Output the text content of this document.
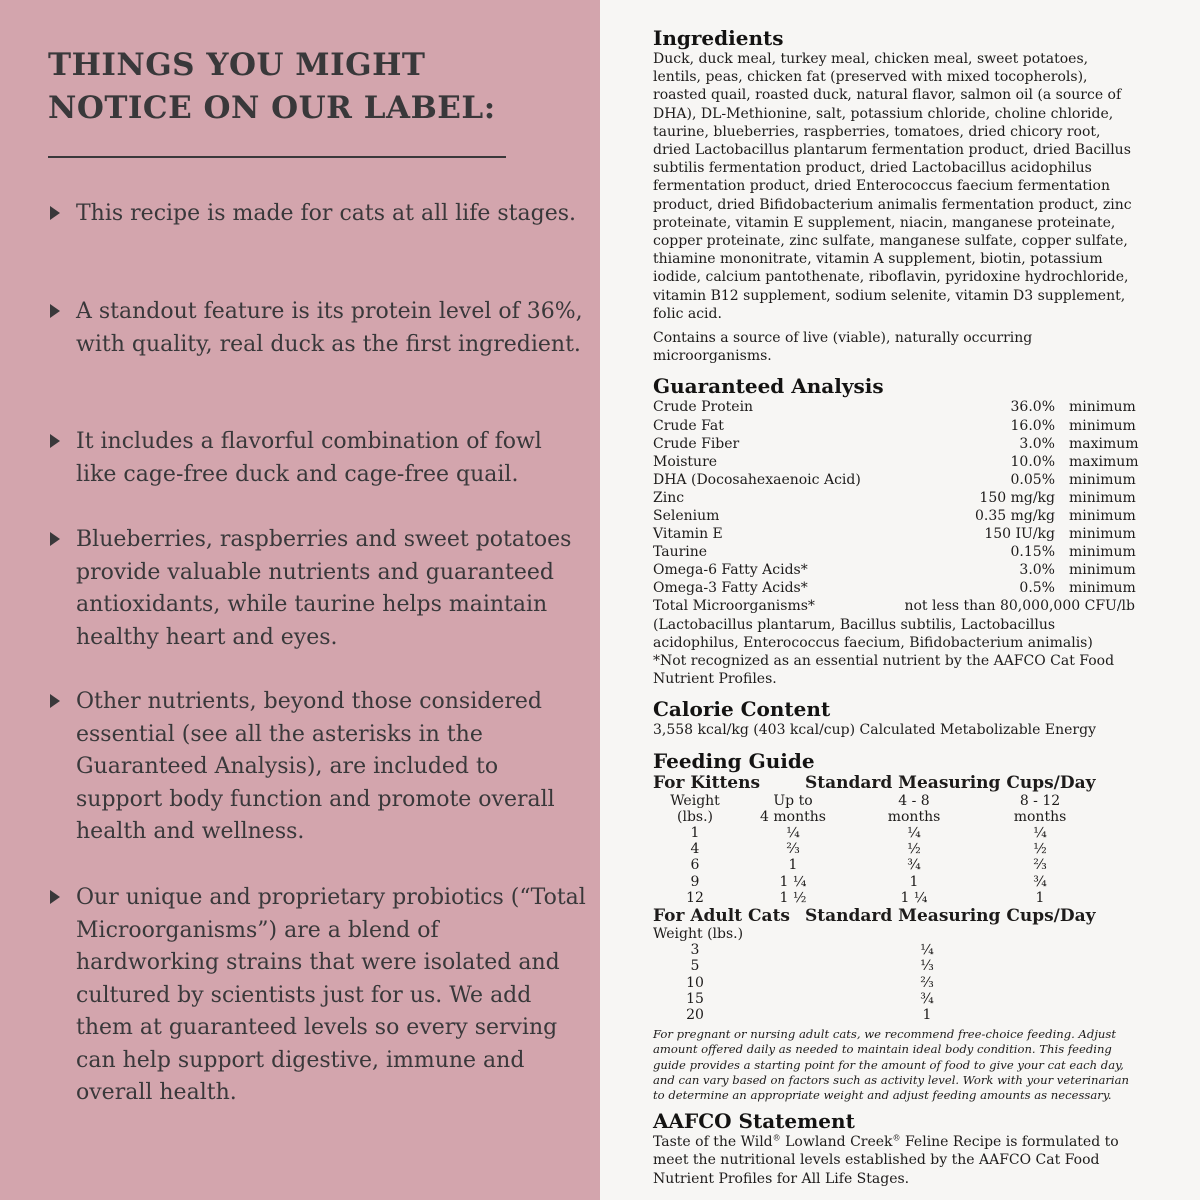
THINGS YOU MIGHT
NOTICE ON OUR LABEL:
This recipe is made for cats at all life stages.
A standout feature is its protein level of 36%, with quality, real duck as the first ingredient.
It includes a flavorful combination of fowl like cage-free duck and cage-free quail.
Blueberries, raspberries and sweet potatoes provide valuable nutrients and guaranteed antioxidants, while taurine helps maintain healthy heart and eyes.
Other nutrients, beyond those considered essential (see all the asterisks in the Guaranteed Analysis), are included to support body function and promote overall health and wellness.
Our unique and proprietary probiotics (“Total Microorganisms”) are a blend of hardworking strains that were isolated and cultured by scientists just for us. We add them at guaranteed levels so every serving can help support digestive, immune and overall health.
Ingredients

Duck, duck meal, turkey meal, chicken meal, sweet potatoes, lentils, peas, chicken fat (preserved with mixed tocopherols), roasted quail, roasted duck, natural flavor, salmon oil (a source of DHA), DL-Methionine, salt, potassium chloride, choline chloride, taurine, blueberries, raspberries, tomatoes, dried chicory root, dried Lactobacillus plantarum fermentation product, dried Bacillus subtilis fermentation product, dried Lactobacillus acidophilus fermentation product, dried Enterococcus faecium fermentation product, dried Bifidobacterium animalis fermentation product, zinc proteinate, vitamin E supplement, niacin, manganese proteinate, copper proteinate, zinc sulfate, manganese sulfate, copper sulfate, thiamine mononitrate, vitamin A supplement, biotin, potassium iodide, calcium pantothenate, riboflavin, pyridoxine hydrochloride, vitamin B12 supplement, sodium selenite, vitamin D3 supplement, folic acid.

Contains a source of live (viable), naturally occurring microorganisms.

Guaranteed Analysis
Crude Protein	36.0%	minimum
Crude Fat	16.0%	minimum
Crude Fiber	3.0%	maximum
Moisture	10.0%	maximum
DHA (Docosahexaenoic Acid)	0.05%	minimum
Zinc	150 mg/kg	minimum
Selenium	0.35 mg/kg	minimum
Vitamin E	150 IU/kg	minimum
Taurine	0.15%	minimum
Omega-6 Fatty Acids*	3.0%	minimum
Omega-3 Fatty Acids*	0.5%	minimum
Total Microorganisms*	not less than 80,000,000 CFU/lb

(Lactobacillus plantarum, Bacillus subtilis, Lactobacillus acidophilus, Enterococcus faecium, Bifidobacterium animalis)

*Not recognized as an essential nutrient by the AAFCO Cat Food Nutrient Profiles.

Calorie Content

3,558 kcal/kg (403 kcal/cup) Calculated Metabolizable Energy

Feeding Guide
For Kittens	Standard Measuring Cups/Day
Weight	Up to	4 - 8	8 - 12
(lbs.)	4 months	months	months
1	¼	¼	¼
4	⅔	½	½
6	1	¾	⅔
9	1 ¼	1	¾
12	1 ½	1 ¼	1
For Adult Cats Standard Measuring Cups/Day
Weight (lbs.)
3	¼
5	⅓
10	⅔
15	¾
20	1
For pregnant or nursing adult cats, we recommend free-choice feeding. Adjust amount offered daily as needed to maintain ideal body condition. This feeding guide provides a starting point for the amount of food to give your cat each day, and can vary based on factors such as activity level. Work with your veterinarian to determine an appropriate weight and adjust feeding amounts as necessary.
AAFCO Statement

Taste of the Wild® Lowland Creek® Feline Recipe is formulated to meet the nutritional levels established by the AAFCO Cat Food Nutrient Profiles for All Life Stages.
